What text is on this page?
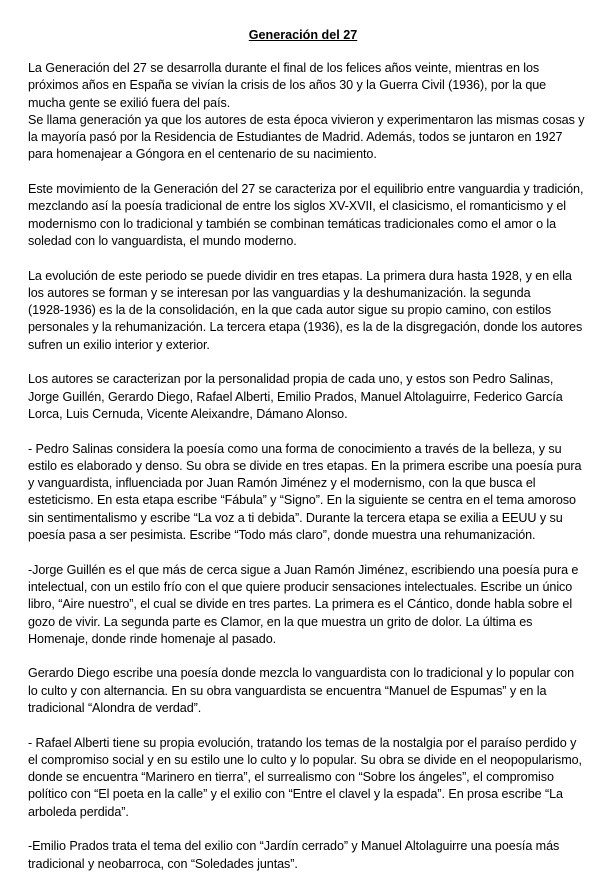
Generación del 27
La Generación del 27 se desarrolla durante el final de los felices años veinte, mientras en los
próximos años en España se vivían la crisis de los años 30 y la Guerra Civil (1936), por la que
mucha gente se exilió fuera del país.
Se llama generación ya que los autores de esta época vivieron y experimentaron las mismas cosas y
la mayoría pasó por la Residencia de Estudiantes de Madrid. Además, todos se juntaron en 1927
para homenajear a Góngora en el centenario de su nacimiento.
Este movimiento de la Generación del 27 se caracteriza por el equilibrio entre vanguardia y tradición,
mezclando así la poesía tradicional de entre los siglos XV-XVII, el clasicismo, el romanticismo y el
modernismo con lo tradicional y también se combinan temáticas tradicionales como el amor o la
soledad con lo vanguardista, el mundo moderno.
La evolución de este periodo se puede dividir en tres etapas. La primera dura hasta 1928, y en ella
los autores se forman y se interesan por las vanguardias y la deshumanización. la segunda
(1928-1936) es la de la consolidación, en la que cada autor sigue su propio camino, con estilos
personales y la rehumanización. La tercera etapa (1936), es la de la disgregación, donde los autores
sufren un exilio interior y exterior.
Los autores se caracterizan por la personalidad propia de cada uno, y estos son Pedro Salinas,
Jorge Guillén, Gerardo Diego, Rafael Alberti, Emilio Prados, Manuel Altolaguirre, Federico García
Lorca, Luis Cernuda, Vicente Aleixandre, Dámano Alonso.
- Pedro Salinas considera la poesía como una forma de conocimiento a través de la belleza, y su
estilo es elaborado y denso. Su obra se divide en tres etapas. En la primera escribe una poesía pura
y vanguardista, influenciada por Juan Ramón Jiménez y el modernismo, con la que busca el
esteticismo. En esta etapa escribe “Fábula” y “Signo”. En la siguiente se centra en el tema amoroso
sin sentimentalismo y escribe “La voz a ti debida”. Durante la tercera etapa se exilia a EEUU y su
poesía pasa a ser pesimista. Escribe “Todo más claro”, donde muestra una rehumanización.
-Jorge Guillén es el que más de cerca sigue a Juan Ramón Jiménez, escribiendo una poesía pura e
intelectual, con un estilo frío con el que quiere producir sensaciones intelectuales. Escribe un único
libro, “Aire nuestro”, el cual se divide en tres partes. La primera es el Cántico, donde habla sobre el
gozo de vivir. La segunda parte es Clamor, en la que muestra un grito de dolor. La última es
Homenaje, donde rinde homenaje al pasado.
Gerardo Diego escribe una poesía donde mezcla lo vanguardista con lo tradicional y lo popular con
lo culto y con alternancia. En su obra vanguardista se encuentra “Manuel de Espumas” y en la
tradicional “Alondra de verdad”.
- Rafael Alberti tiene su propia evolución, tratando los temas de la nostalgia por el paraíso perdido y
el compromiso social y en su estilo une lo culto y lo popular. Su obra se divide en el neopopularismo,
donde se encuentra “Marinero en tierra”, el surrealismo con “Sobre los ángeles”, el compromiso
político con “El poeta en la calle” y el exilio con “Entre el clavel y la espada”. En prosa escribe “La
arboleda perdida”.
-Emilio Prados trata el tema del exilio con “Jardín cerrado” y Manuel Altolaguirre una poesía más
tradicional y neobarroca, con “Soledades juntas”.
